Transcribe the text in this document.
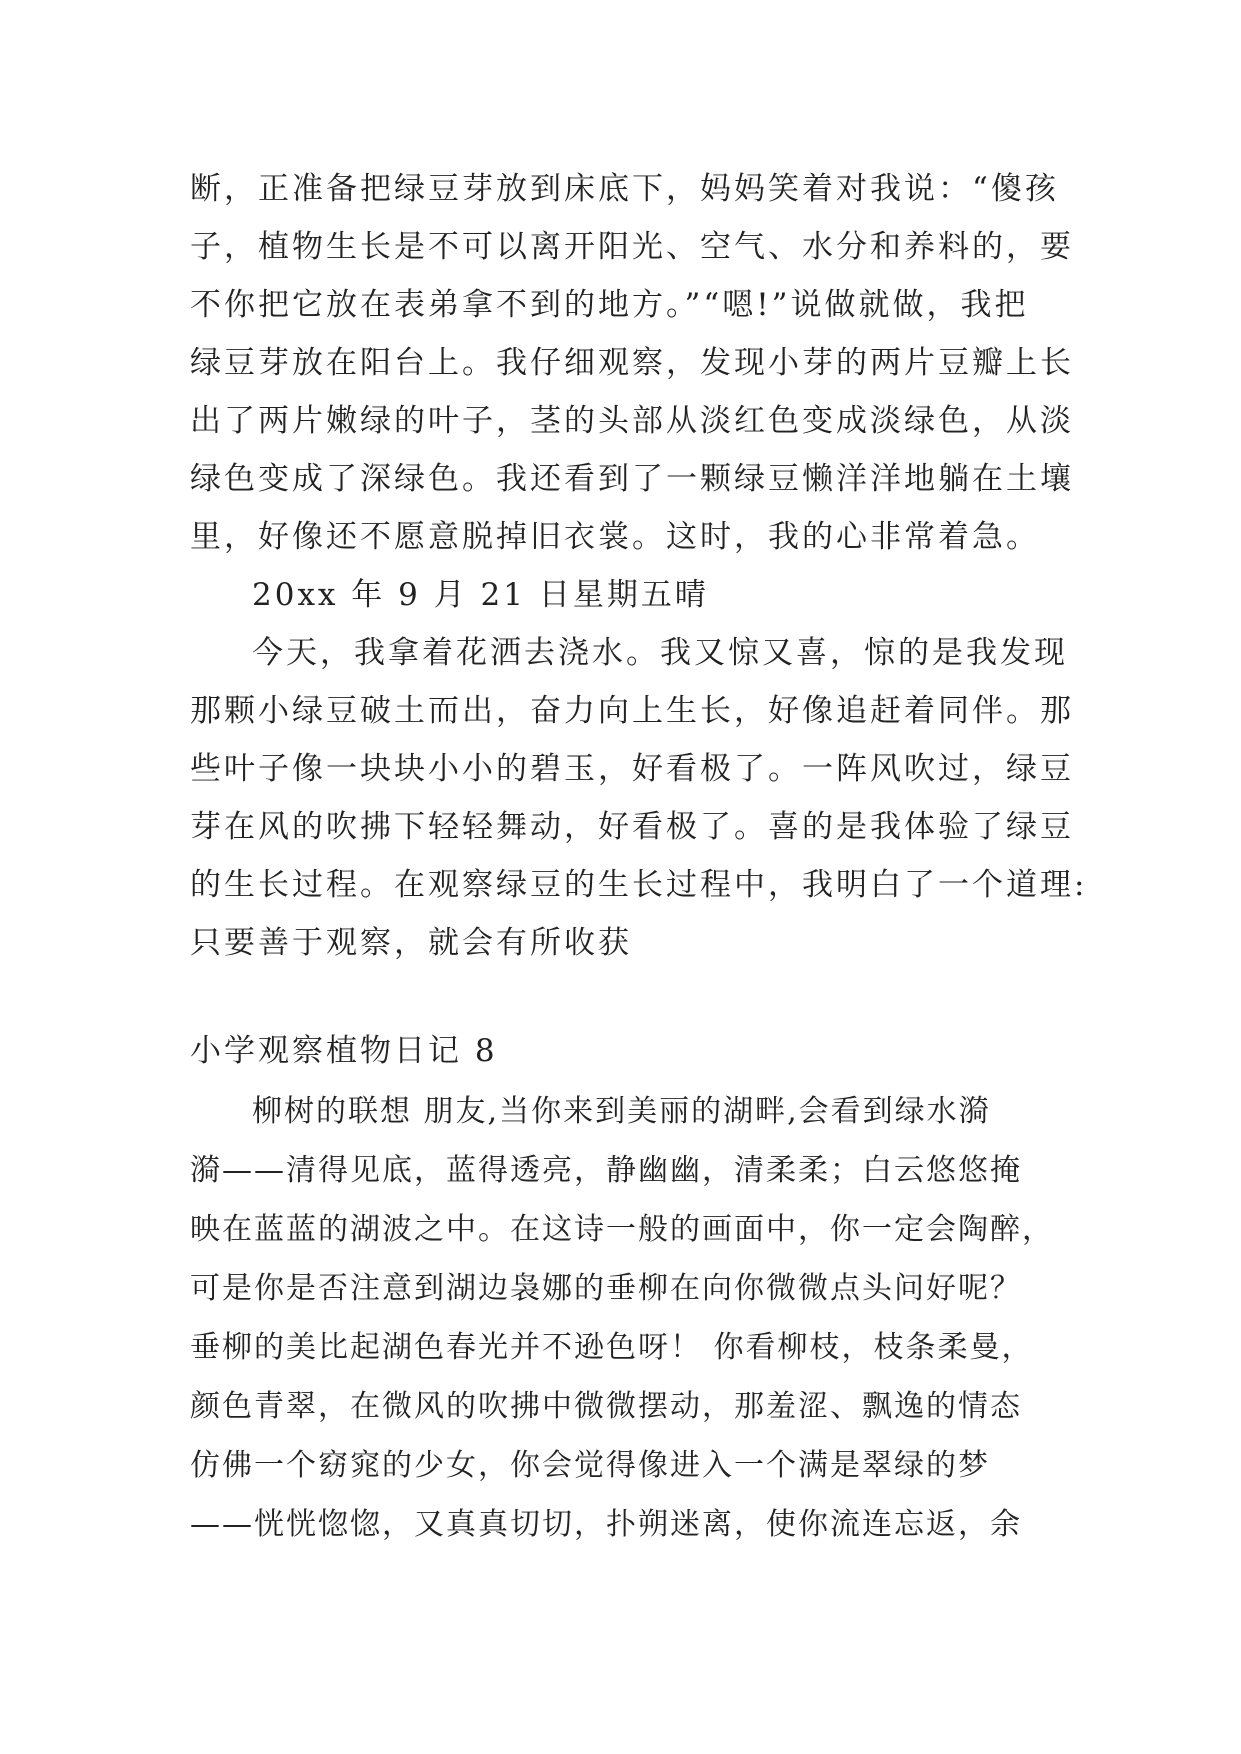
断，正准备把绿豆芽放到床底下，妈妈笑着对我说：“傻孩
子，植物生长是不可以离开阳光、空气、水分和养料的，要
不你把它放在表弟拿不到的地方。”“嗯!”说做就做，我把
绿豆芽放在阳台上。我仔细观察，发现小芽的两片豆瓣上长
出了两片嫩绿的叶子，茎的头部从淡红色变成淡绿色，从淡
绿色变成了深绿色。我还看到了一颗绿豆懒洋洋地躺在土壤
里，好像还不愿意脱掉旧衣裳。这时，我的心非常着急。
20xx 年 9 月 21 日星期五晴
今天，我拿着花洒去浇水。我又惊又喜，惊的是我发现
那颗小绿豆破土而出，奋力向上生长，好像追赶着同伴。那
些叶子像一块块小小的碧玉，好看极了。一阵风吹过，绿豆
芽在风的吹拂下轻轻舞动，好看极了。喜的是我体验了绿豆
的生长过程。在观察绿豆的生长过程中，我明白了一个道理:
只要善于观察，就会有所收获
小学观察植物日记 8
柳树的联想 朋友,当你来到美丽的湖畔,会看到绿水漪
漪——清得见底，蓝得透亮，静幽幽，清柔柔；白云悠悠掩
映在蓝蓝的湖波之中。在这诗一般的画面中，你一定会陶醉，
可是你是否注意到湖边袅娜的垂柳在向你微微点头问好呢？
垂柳的美比起湖色春光并不逊色呀！ 你看柳枝，枝条柔曼，
颜色青翠，在微风的吹拂中微微摆动，那羞涩、飘逸的情态
仿佛一个窈窕的少女，你会觉得像进入一个满是翠绿的梦
——恍恍惚惚，又真真切切，扑朔迷离，使你流连忘返，余
